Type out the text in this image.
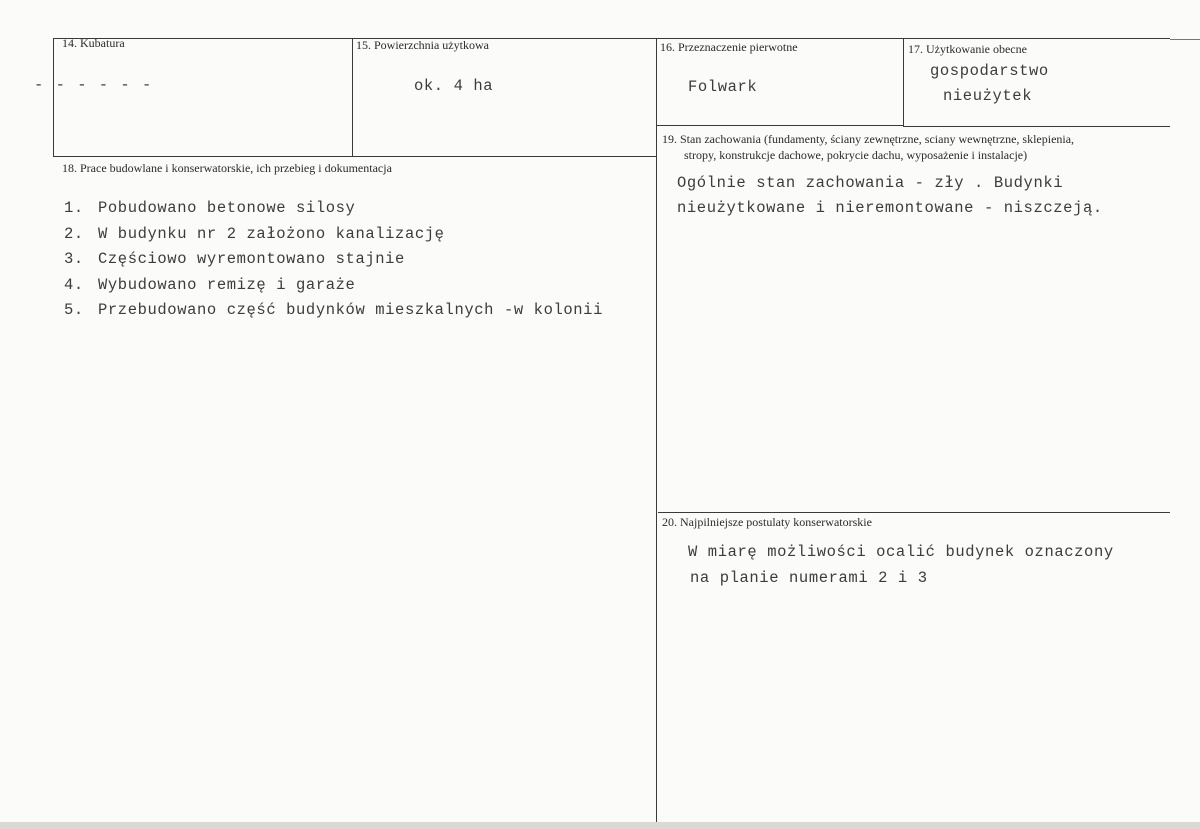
14. Kubatura
- - - - - -
15. Powierzchnia użytkowa
ok. 4 ha
16. Przeznaczenie pierwotne
Folwark
17. Użytkowanie obecne
gospodarstwo
nieużytek
18. Prace budowlane i konserwatorskie, ich przebieg i dokumentacja
1. Pobudowano betonowe silosy
2. W budynku nr 2 założono kanalizację
3. Częściowo wyremontowano stajnie
4. Wybudowano remizę i garaże
5. Przebudowano część budynków mieszkalnych -w kolonii
19. Stan zachowania (fundamenty, ściany zewnętrzne, sciany wewnętrzne, sklepienia,
stropy, konstrukcje dachowe, pokrycie dachu, wyposażenie i instalacje)
Ogólnie stan zachowania - zły . Budynki
nieużytkowane i nieremontowane - niszczeją.
20. Najpilniejsze postulaty konserwatorskie
W miarę możliwości ocalić budynek oznaczony
na planie numerami 2 i 3
